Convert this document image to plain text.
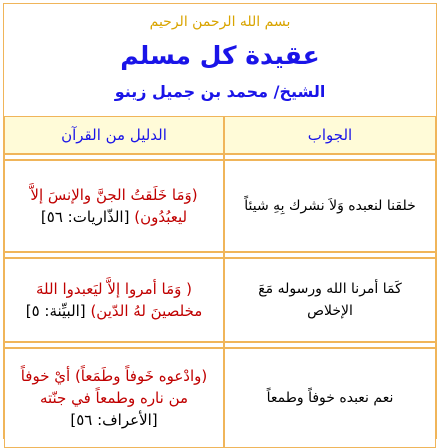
بسم الله الرحمن الرحيم
عقيدة كل مسلم
الشيخ/ محمد بن جميل زينو
الجواب	الدليل من القرآن

خلقنا لنعبده وَلاَ نشرك بِهِ شيئاً	(وَمَا خَلَقتُ الجنَّ والإنسَ إلاَّ ليعبُدُون) [الذّاريات: ٥٦]

كَمَا أمرنا الله ورسوله مَعَ الإخلاص	( وَمَا أمروا إلاَّ ليَعبدوا اللهَ مخلصينَ لهُ الدّين) [البيِّنة: ٥]

نعم نعبده خوفاً وطمعاً	(وادْعوه خَوفاً وطَمَعاً) أيْ خوفاً من ناره وطمعاً في جنّته [الأعراف: ٥٦]
